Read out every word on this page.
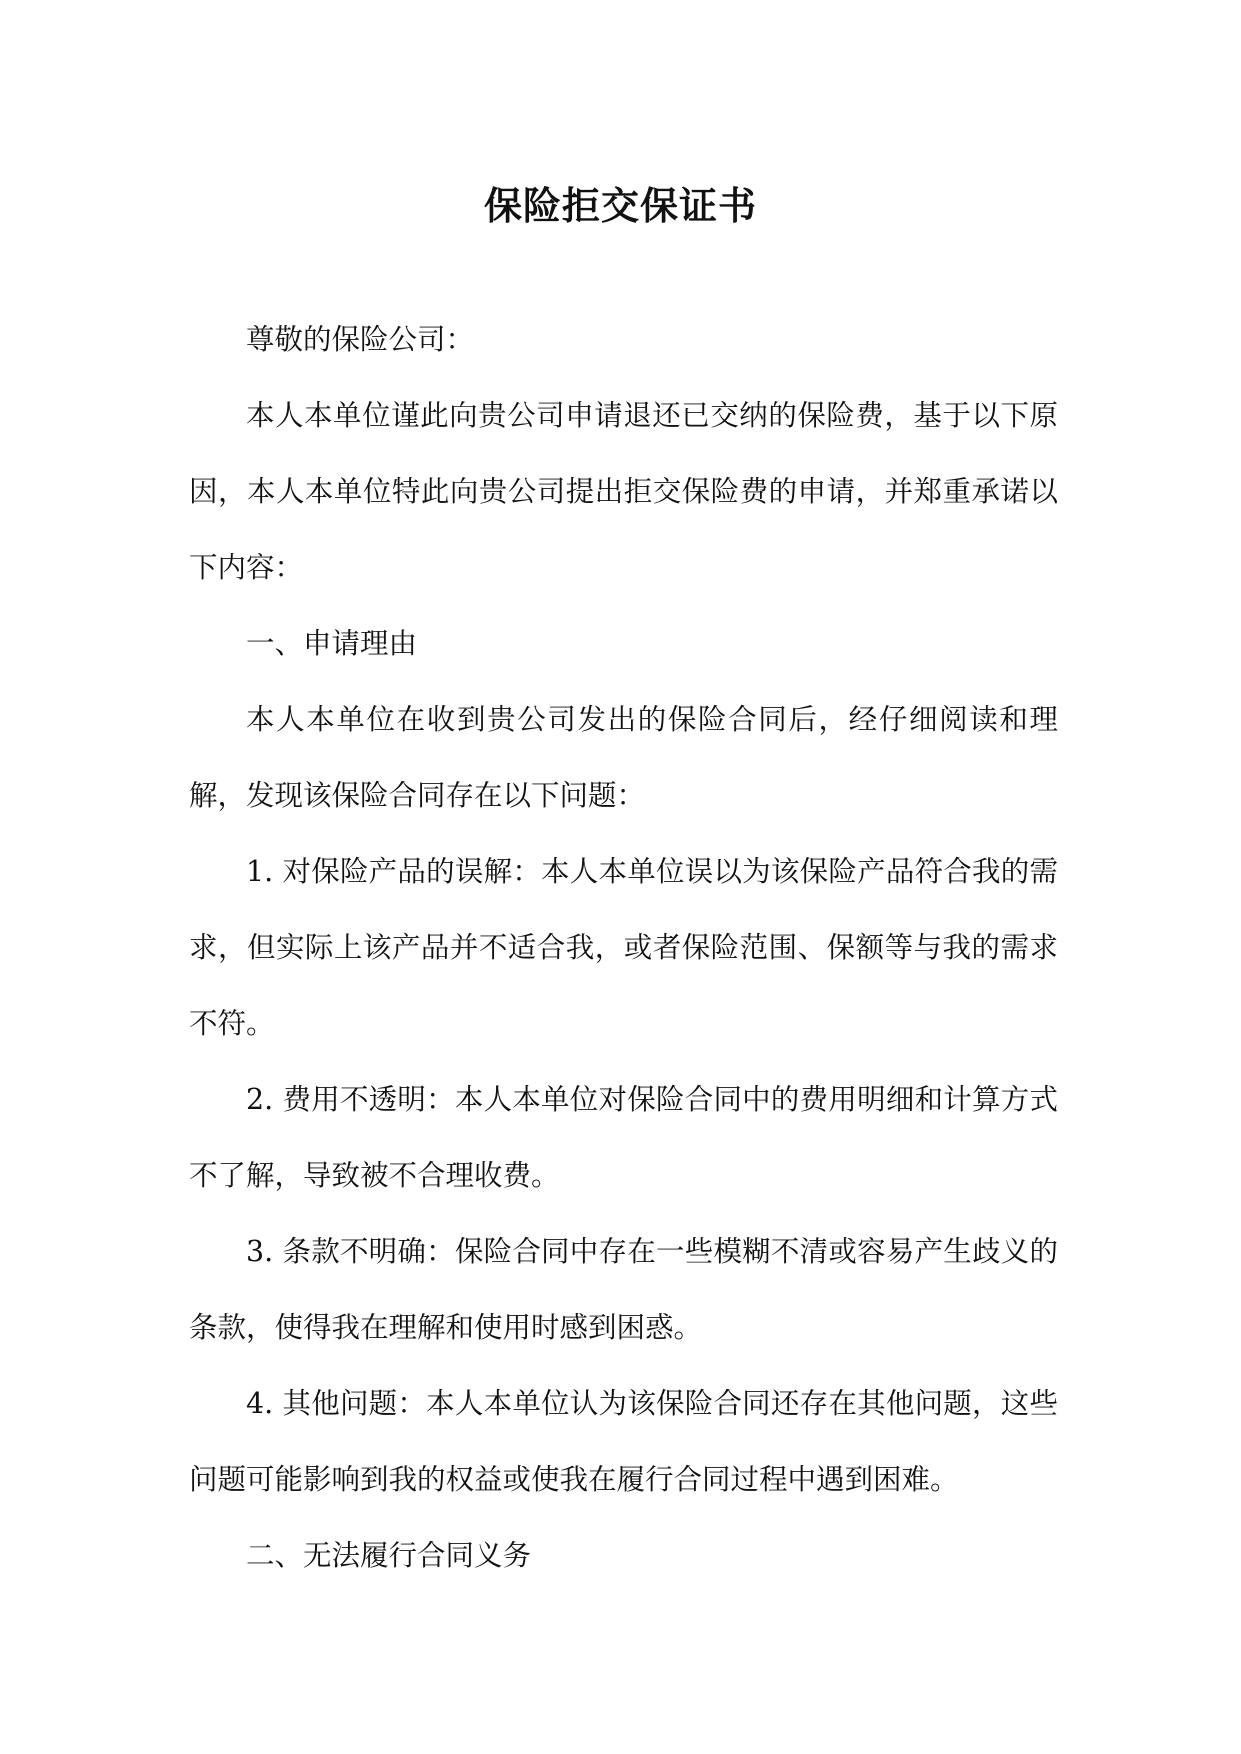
保险拒交保证书

尊敬的保险公司：

本人本单位谨此向贵公司申请退还已交纳的保险费，基于以下原因，本人本单位特此向贵公司提出拒交保险费的申请，并郑重承诺以下内容：

一、申请理由

本人本单位在收到贵公司发出的保险合同后，经仔细阅读和理解，发现该保险合同存在以下问题：

1. 对保险产品的误解：本人本单位误以为该保险产品符合我的需求，但实际上该产品并不适合我，或者保险范围、保额等与我的需求不符。

2. 费用不透明：本人本单位对保险合同中的费用明细和计算方式不了解，导致被不合理收费。

3. 条款不明确：保险合同中存在一些模糊不清或容易产生歧义的条款，使得我在理解和使用时感到困惑。

4. 其他问题：本人本单位认为该保险合同还存在其他问题，这些问题可能影响到我的权益或使我在履行合同过程中遇到困难。

二、无法履行合同义务
